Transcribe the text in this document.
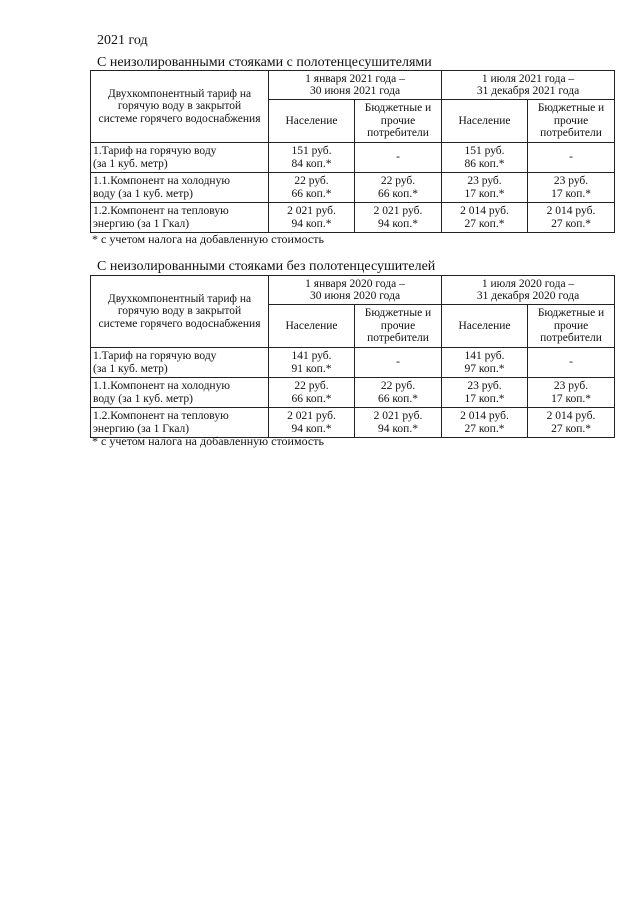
2021 год
С неизолированными стояками с полотенцесушителями
Двухкомпонентный тариф на
горячую воду в закрытой
системе горячего водоснабжения	1 января 2021 года –
30 июня 2021 года		1 июля 2021 года –
31 декабря 2021 года	

	Население	Бюджетные и
прочие
потребители	Население	Бюджетные и
прочие
потребители

1.Тариф на горячую воду
(за 1 куб. метр)	151 руб.
84 коп.*	-	151 руб.
86 коп.*	-

1.1.Компонент на холодную
воду (за 1 куб. метр)	22 руб.
66 коп.*	22 руб.
66 коп.*	23 руб.
17 коп.*	23 руб.
17 коп.*

1.2.Компонент на тепловую
энергию (за 1 Гкал)	2 021 руб.
94 коп.*	2 021 руб.
94 коп.*	2 014 руб.
27 коп.*	2 014 руб.
27 коп.*
* с учетом налога на добавленную стоимость
С неизолированными стояками без полотенцесушителей
Двухкомпонентный тариф на
горячую воду в закрытой
системе горячего водоснабжения	1 января 2020 года –
30 июня 2020 года		1 июля 2020 года –
31 декабря 2020 года	

	Население	Бюджетные и
прочие
потребители	Население	Бюджетные и
прочие
потребители

1.Тариф на горячую воду
(за 1 куб. метр)	141 руб.
91 коп.*	-	141 руб.
97 коп.*	-

1.1.Компонент на холодную
воду (за 1 куб. метр)	22 руб.
66 коп.*	22 руб.
66 коп.*	23 руб.
17 коп.*	23 руб.
17 коп.*

1.2.Компонент на тепловую
энергию (за 1 Гкал)	2 021 руб.
94 коп.*	2 021 руб.
94 коп.*	2 014 руб.
27 коп.*	2 014 руб.
27 коп.*
* с учетом налога на добавленную стоимость
